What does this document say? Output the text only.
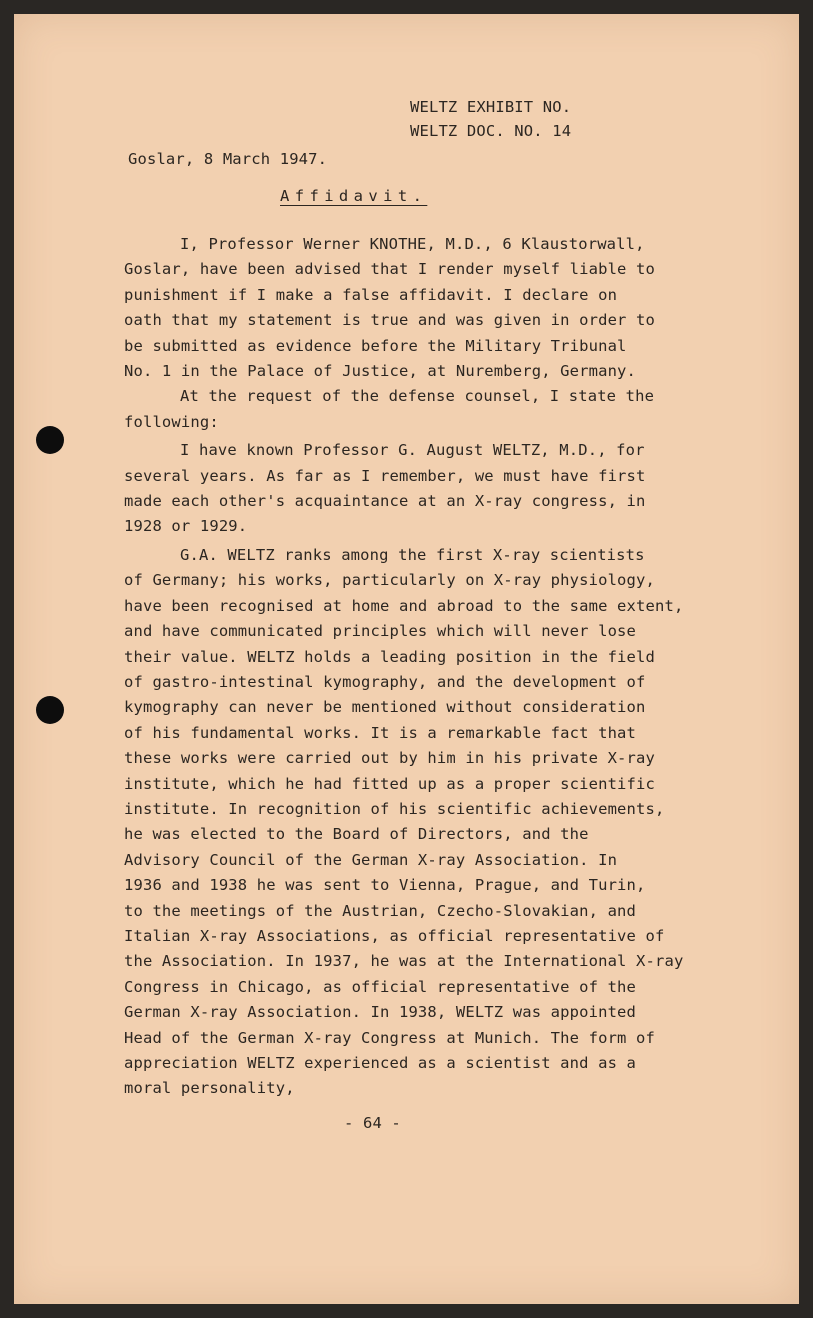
WELTZ EXHIBIT NO.
WELTZ DOC. NO. 14
Goslar, 8 March 1947.
Affidavit.
I, Professor Werner KNOTHE, M.D., 6 Klaustorwall,
Goslar, have been advised that I render myself liable to
punishment if I make a false affidavit. I declare on
oath that my statement is true and was given in order to
be submitted as evidence before the Military Tribunal
No. 1 in the Palace of Justice, at Nuremberg, Germany.
At the request of the defense counsel, I state the
following:
I have known Professor G. August WELTZ, M.D., for
several years. As far as I remember, we must have first
made each other's acquaintance at an X-ray congress, in
1928 or 1929.
G.A. WELTZ ranks among the first X-ray scientists
of Germany; his works, particularly on X-ray physiology,
have been recognised at home and abroad to the same extent,
and have communicated principles which will never lose
their value. WELTZ holds a leading position in the field
of gastro-intestinal kymography, and the development of
kymography can never be mentioned without consideration
of his fundamental works. It is a remarkable fact that
these works were carried out by him in his private X-ray
institute, which he had fitted up as a proper scientific
institute. In recognition of his scientific achievements,
he was elected to the Board of Directors, and the
Advisory Council of the German X-ray Association. In
1936 and 1938 he was sent to Vienna, Prague, and Turin,
to the meetings of the Austrian, Czecho-Slovakian, and
Italian X-ray Associations, as official representative of
the Association. In 1937, he was at the International X-ray
Congress in Chicago, as official representative of the
German X-ray Association. In 1938, WELTZ was appointed
Head of the German X-ray Congress at Munich. The form of
appreciation WELTZ experienced as a scientist and as a
moral personality,
- 64 -
